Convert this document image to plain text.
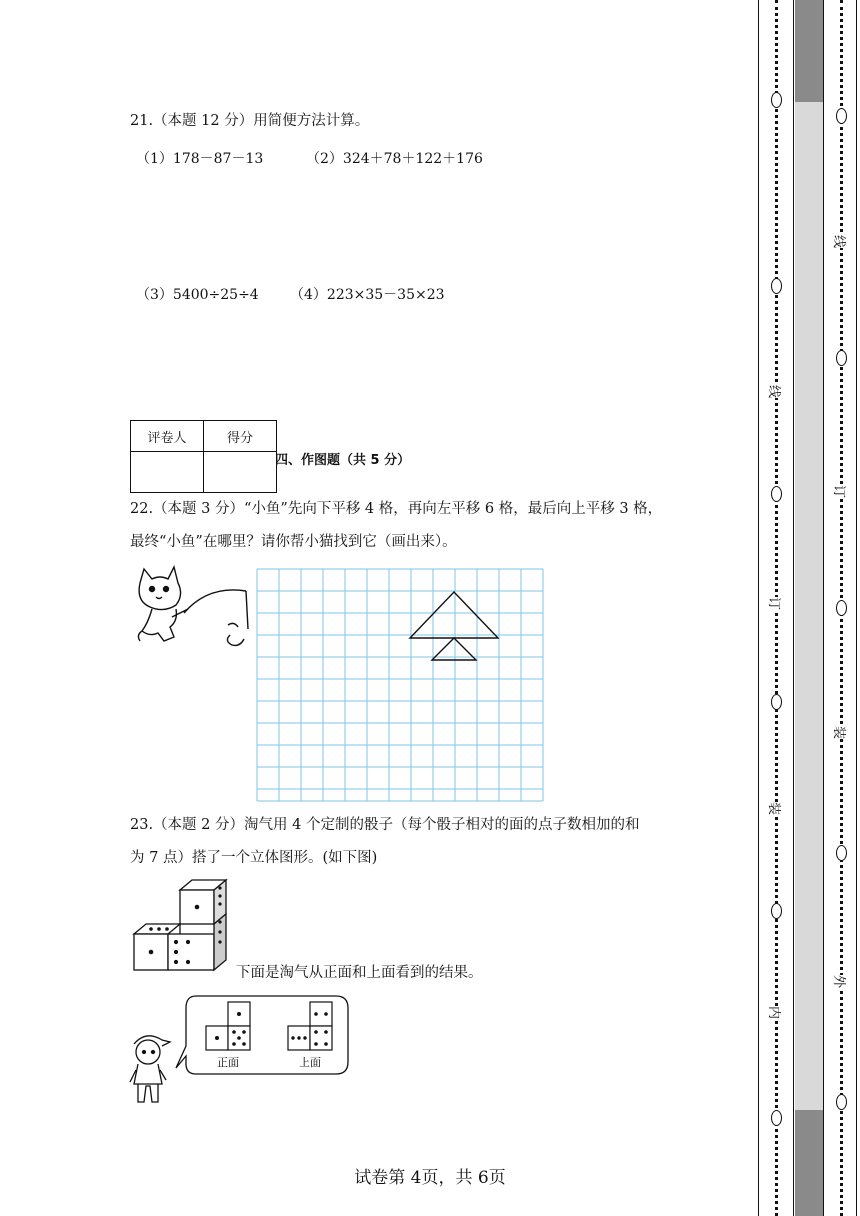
21.（本题 12 分）用简便方法计算。
（1）178－87－13	（2）324＋78＋122＋176
（3）5400÷25÷4 （4）223×35－35×23
评卷人	得分

四、作图题（共 5 分）
22.（本题 3 分）“小鱼”先向下平移 4 格，再向左平移 6 格，最后向上平移 3 格，
最终“小鱼”在哪里？请你帮小猫找到它（画出来）。
23.（本题 2 分）淘气用 4 个定制的骰子（每个骰子相对的面的点子数相加的和
为 7 点）搭了一个立体图形。(如下图)
下面是淘气从正面和上面看到的结果。
正面	上面
试卷第 4页，共 6页
线
订
装
内
线
订
装
外
